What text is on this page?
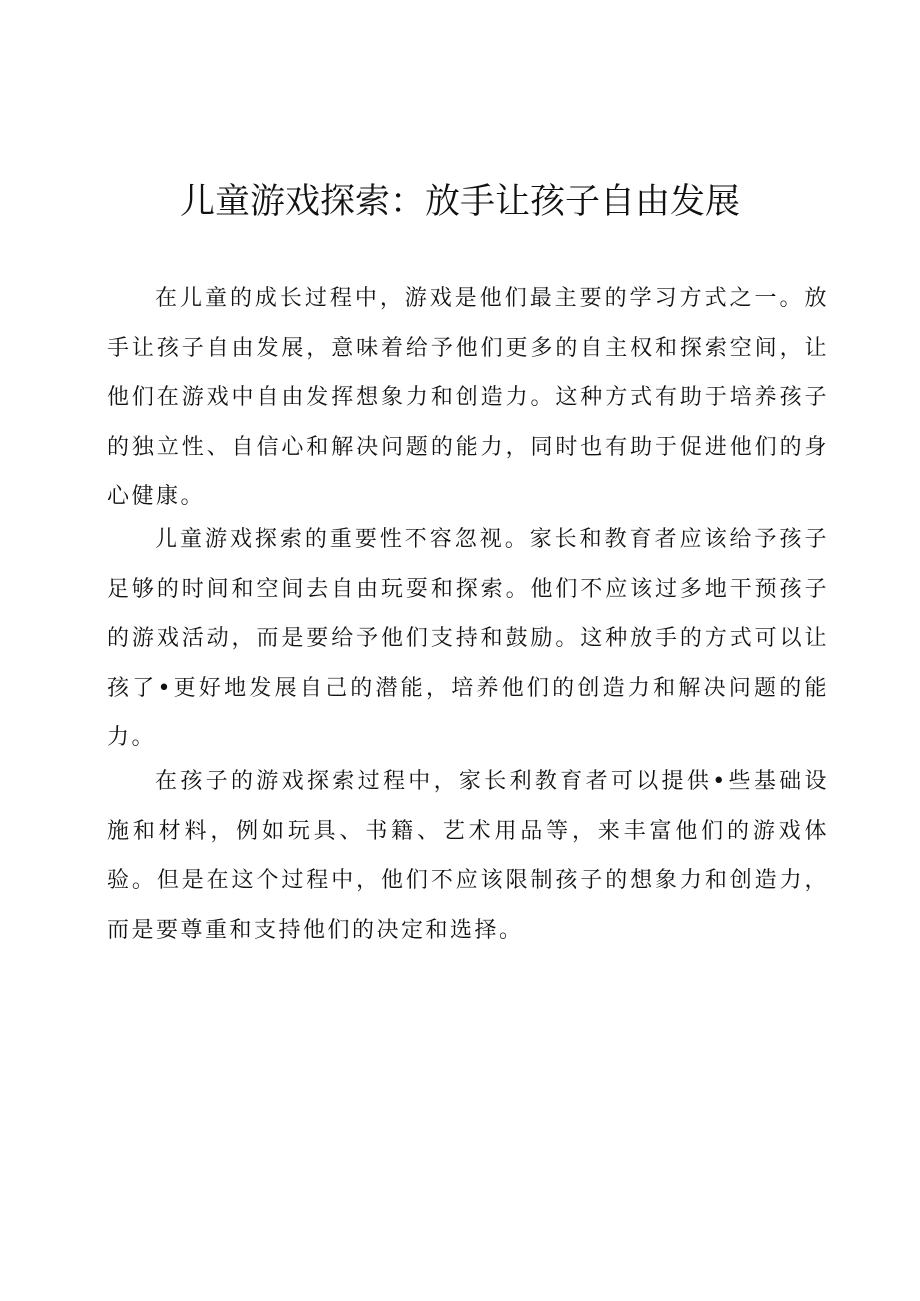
儿童游戏探索：放手让孩子自由发展

在儿童的成长过程中，游戏是他们最主要的学习方式之一。放手让孩子自由发展，意味着给予他们更多的自主权和探索空间，让他们在游戏中自由发挥想象力和创造力。这种方式有助于培养孩子的独立性、自信心和解决问题的能力，同时也有助于促进他们的身心健康。

儿童游戏探索的重要性不容忽视。家长和教育者应该给予孩子足够的时间和空间去自由玩耍和探索。他们不应该过多地干预孩子的游戏活动，而是要给予他们支持和鼓励。这种放手的方式可以让孩了•更好地发展自己的潜能，培养他们的创造力和解决问题的能力。

在孩子的游戏探索过程中，家长利教育者可以提供•些基础设施和材料，例如玩具、书籍、艺术用品等，来丰富他们的游戏体验。但是在这个过程中，他们不应该限制孩子的想象力和创造力，而是要尊重和支持他们的决定和选择。
